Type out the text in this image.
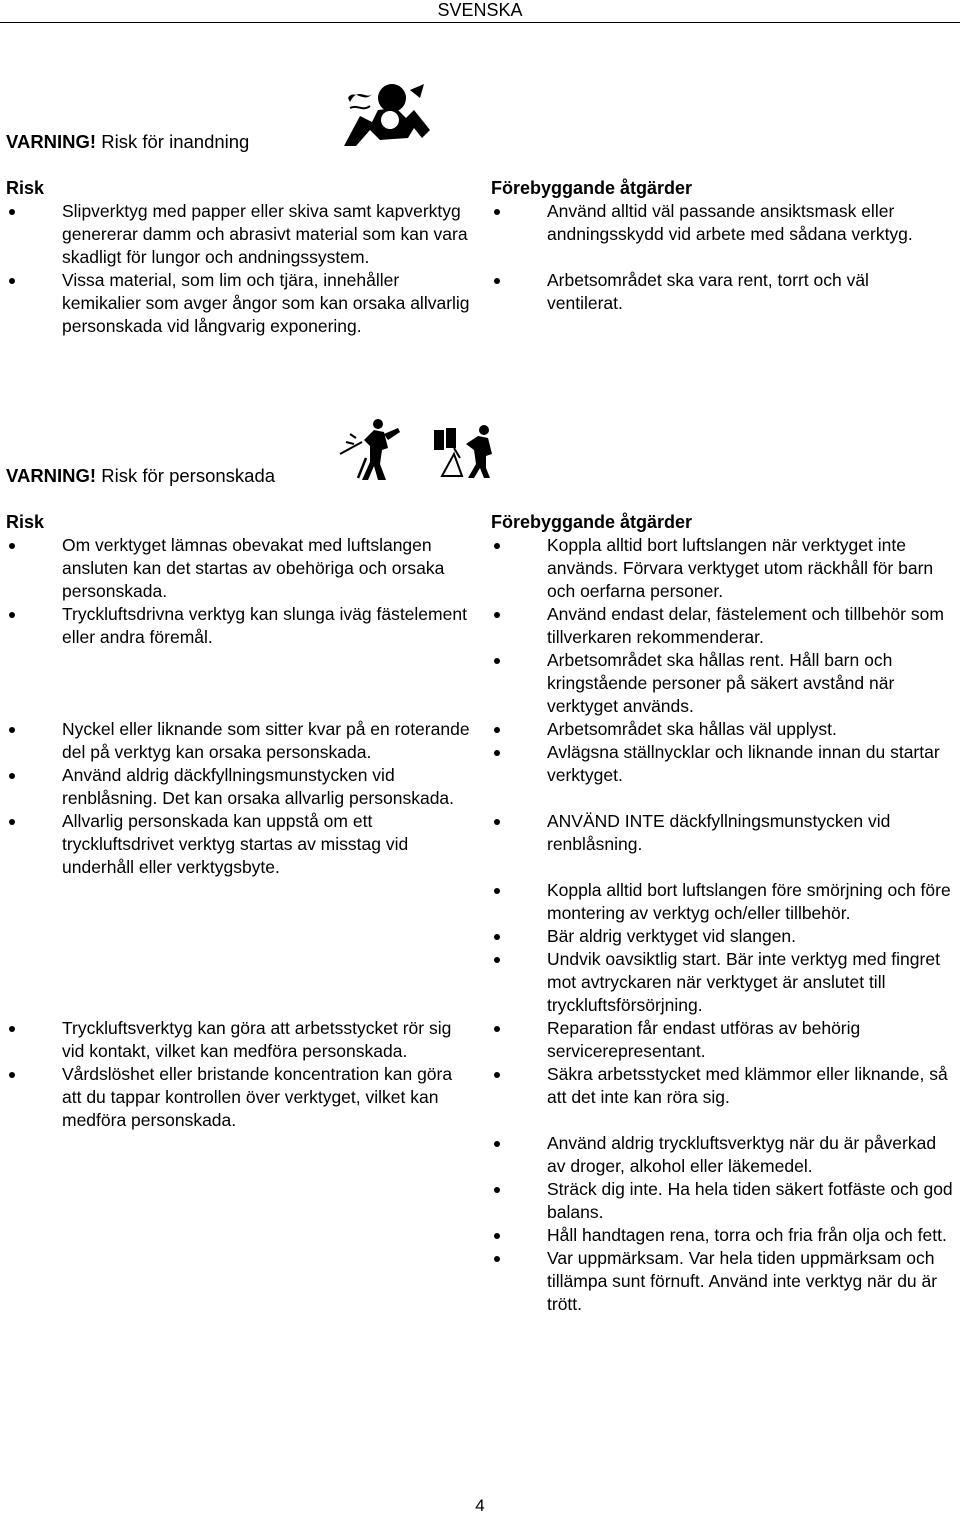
SVENSKA
VARNING! Risk för inandning
Risk	Förebyggande åtgärder
Slipverktyg med papper eller skiva samt kapverktyg genererar damm och abrasivt material som kan vara skadligt för lungor och andningssystem.
Vissa material, som lim och tjära, innehåller kemikalier som avger ångor som kan orsaka allvarlig personskada vid långvarig exponering.
Använd alltid väl passande ansiktsmask eller andningsskydd vid arbete med sådana verktyg.
Arbetsområdet ska vara rent, torrt och väl ventilerat.
VARNING! Risk för personskada
Risk	Förebyggande åtgärder
Om verktyget lämnas obevakat med luftslangen ansluten kan det startas av obehöriga och orsaka personskada.
Tryckluftsdrivna verktyg kan slunga iväg fästelement eller andra föremål.
Nyckel eller liknande som sitter kvar på en roterande del på verktyg kan orsaka personskada.
Använd aldrig däckfyllningsmunstycken vid renblåsning. Det kan orsaka allvarlig personskada.
Allvarlig personskada kan uppstå om ett tryckluftsdrivet verktyg startas av misstag vid underhåll eller verktygsbyte.
Tryckluftsverktyg kan göra att arbetsstycket rör sig vid kontakt, vilket kan medföra personskada.
Vårdslöshet eller bristande koncentration kan göra att du tappar kontrollen över verktyget, vilket kan medföra personskada.
Koppla alltid bort luftslangen när verktyget inte används. Förvara verktyget utom räckhåll för barn och oerfarna personer.
Använd endast delar, fästelement och tillbehör som tillverkaren rekommenderar.
Arbetsområdet ska hållas rent. Håll barn och kringstående personer på säkert avstånd när verktyget används.
Arbetsområdet ska hållas väl upplyst.
Avlägsna ställnycklar och liknande innan du startar verktyget.
ANVÄND INTE däckfyllningsmunstycken vid renblåsning.
Koppla alltid bort luftslangen före smörjning och före montering av verktyg och/eller tillbehör.
Bär aldrig verktyget vid slangen.
Undvik oavsiktlig start. Bär inte verktyg med fingret mot avtryckaren när verktyget är anslutet till tryckluftsförsörjning.
Reparation får endast utföras av behörig servicerepresentant.
Säkra arbetsstycket med klämmor eller liknande, så att det inte kan röra sig.
Använd aldrig tryckluftsverktyg när du är påverkad av droger, alkohol eller läkemedel.
Sträck dig inte. Ha hela tiden säkert fotfäste och god balans.
Håll handtagen rena, torra och fria från olja och fett.
Var uppmärksam. Var hela tiden uppmärksam och tillämpa sunt förnuft. Använd inte verktyg när du är trött.
4
